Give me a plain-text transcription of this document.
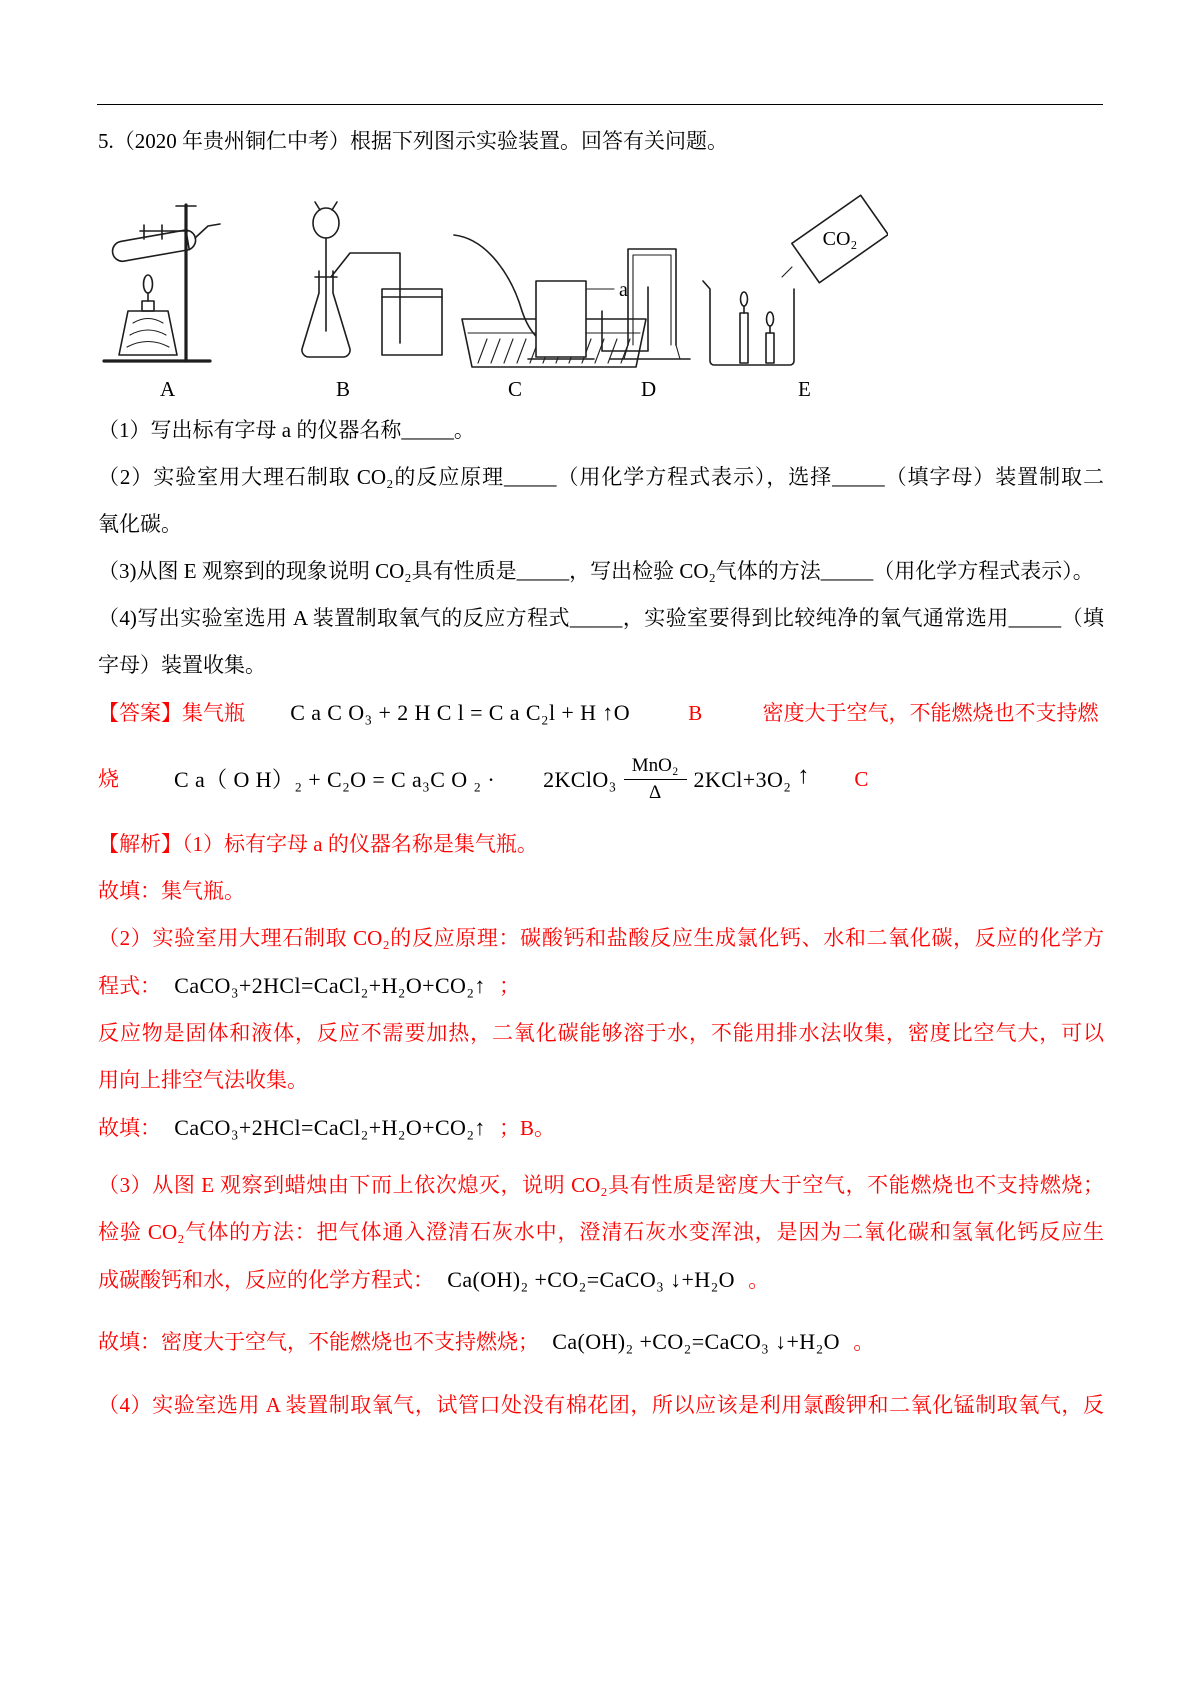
5.（2020 年贵州铜仁中考）根据下列图示实验装置。回答有关问题。

a
CO₂
A	B	C	D	E

（1）写出标有字母 a 的仪器名称_____。

（2）实验室用大理石制取 CO₂的反应原理_____（用化学方程式表示），选择_____（填字母）装置制取二

氧化碳。

（3)从图 E 观察到的现象说明 CO₂具有性质是_____，写出检验 CO₂气体的方法_____（用化学方程式表示）。

（4)写出实验室选用 A 装置制取氧气的反应方程式_____，实验室要得到比较纯净的氧气通常选用_____（填

字母）装置收集。

【答案】集气瓶 C a C O₃ + 2 H C l = C a C₂l + H ↑O	B	密度大于空气，不能燃烧也不支持燃

烧	C a（ O H）₂ + C₂O = C a₃C O ₂ · 2KClO₃ $\frac{\text{MnO₂}}{\Delta} 2KCl+3O_2$ ↑ C

【解析】（1）标有字母 a 的仪器名称是集气瓶。

故填：集气瓶。

（2）实验室用大理石制取 CO₂的反应原理：碳酸钙和盐酸反应生成氯化钙、水和二氧化碳，反应的化学方

程式： CaCO₃+2HCl=CaCl₂+H₂O+CO₂↑ ；

反应物是固体和液体，反应不需要加热，二氧化碳能够溶于水，不能用排水法收集，密度比空气大，可以

用向上排空气法收集。

故填： CaCO₃+2HCl=CaCl₂+H₂O+CO₂↑ ；B。

（3）从图 E 观察到蜡烛由下而上依次熄灭，说明 CO₂具有性质是密度大于空气，不能燃烧也不支持燃烧；

检验 CO₂气体的方法：把气体通入澄清石灰水中，澄清石灰水变浑浊，是因为二氧化碳和氢氧化钙反应生

成碳酸钙和水，反应的化学方程式： Ca(OH)₂ +CO₂=CaCO₃ ↓+H₂O 。

故填：密度大于空气，不能燃烧也不支持燃烧； Ca(OH)₂ +CO₂=CaCO₃ ↓+H₂O 。

（4）实验室选用 A 装置制取氧气，试管口处没有棉花团，所以应该是利用氯酸钾和二氧化锰制取氧气，反
